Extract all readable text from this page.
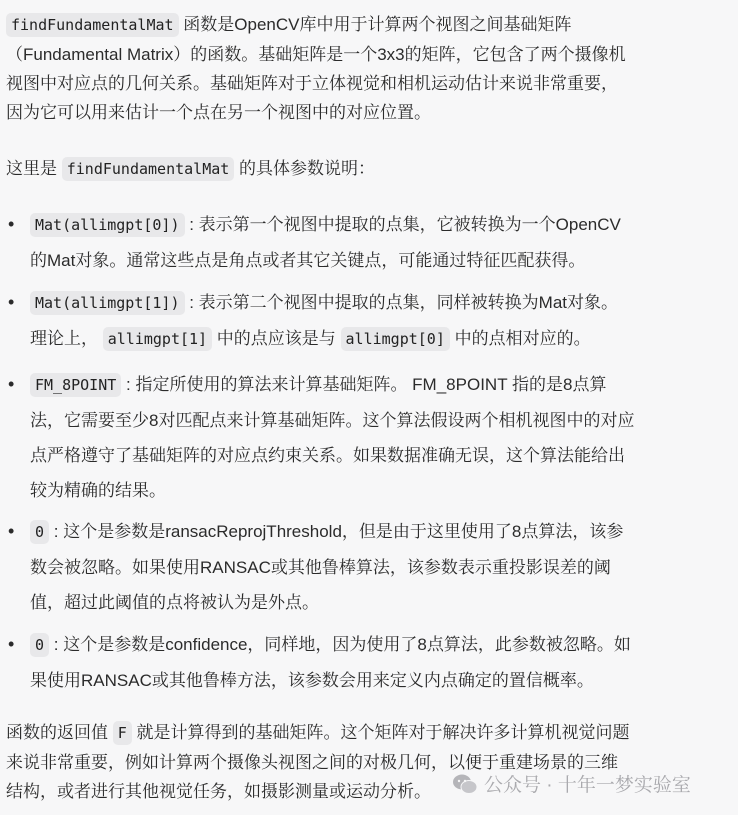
findFundamentalMat 函数是OpenCV库中用于计算两个视图之间基础矩阵
（Fundamental Matrix）的函数。基础矩阵是一个3x3的矩阵，它包含了两个摄像机
视图中对应点的几何关系。基础矩阵对于立体视觉和相机运动估计来说非常重要，
因为它可以用来估计一个点在另一个视图中的对应位置。
这里是 findFundamentalMat 的具体参数说明：
• Mat(allimgpt[0]) : 表示第一个视图中提取的点集，它被转换为一个OpenCV
的Mat对象。通常这些点是角点或者其它关键点，可能通过特征匹配获得。
• Mat(allimgpt[1]) : 表示第二个视图中提取的点集，同样被转换为Mat对象。
理论上， allimgpt[1] 中的点应该是与 allimgpt[0] 中的点相对应的。
• FM_8POINT : 指定所使用的算法来计算基础矩阵。 FM_8POINT 指的是8点算
法，它需要至少8对匹配点来计算基础矩阵。这个算法假设两个相机视图中的对应
点严格遵守了基础矩阵的对应点约束关系。如果数据准确无误，这个算法能给出
较为精确的结果。
• 0 : 这个是参数是ransacReprojThreshold，但是由于这里使用了8点算法，该参
数会被忽略。如果使用RANSAC或其他鲁棒算法，该参数表示重投影误差的阈
值，超过此阈值的点将被认为是外点。
• 0 : 这个是参数是confidence，同样地，因为使用了8点算法，此参数被忽略。如
果使用RANSAC或其他鲁棒方法，该参数会用来定义内点确定的置信概率。
函数的返回值 F 就是计算得到的基础矩阵。这个矩阵对于解决许多计算机视觉问题
来说非常重要，例如计算两个摄像头视图之间的对极几何，以便于重建场景的三维
结构，或者进行其他视觉任务，如摄影测量或运动分析。	公众号 · 十年一梦实验室
